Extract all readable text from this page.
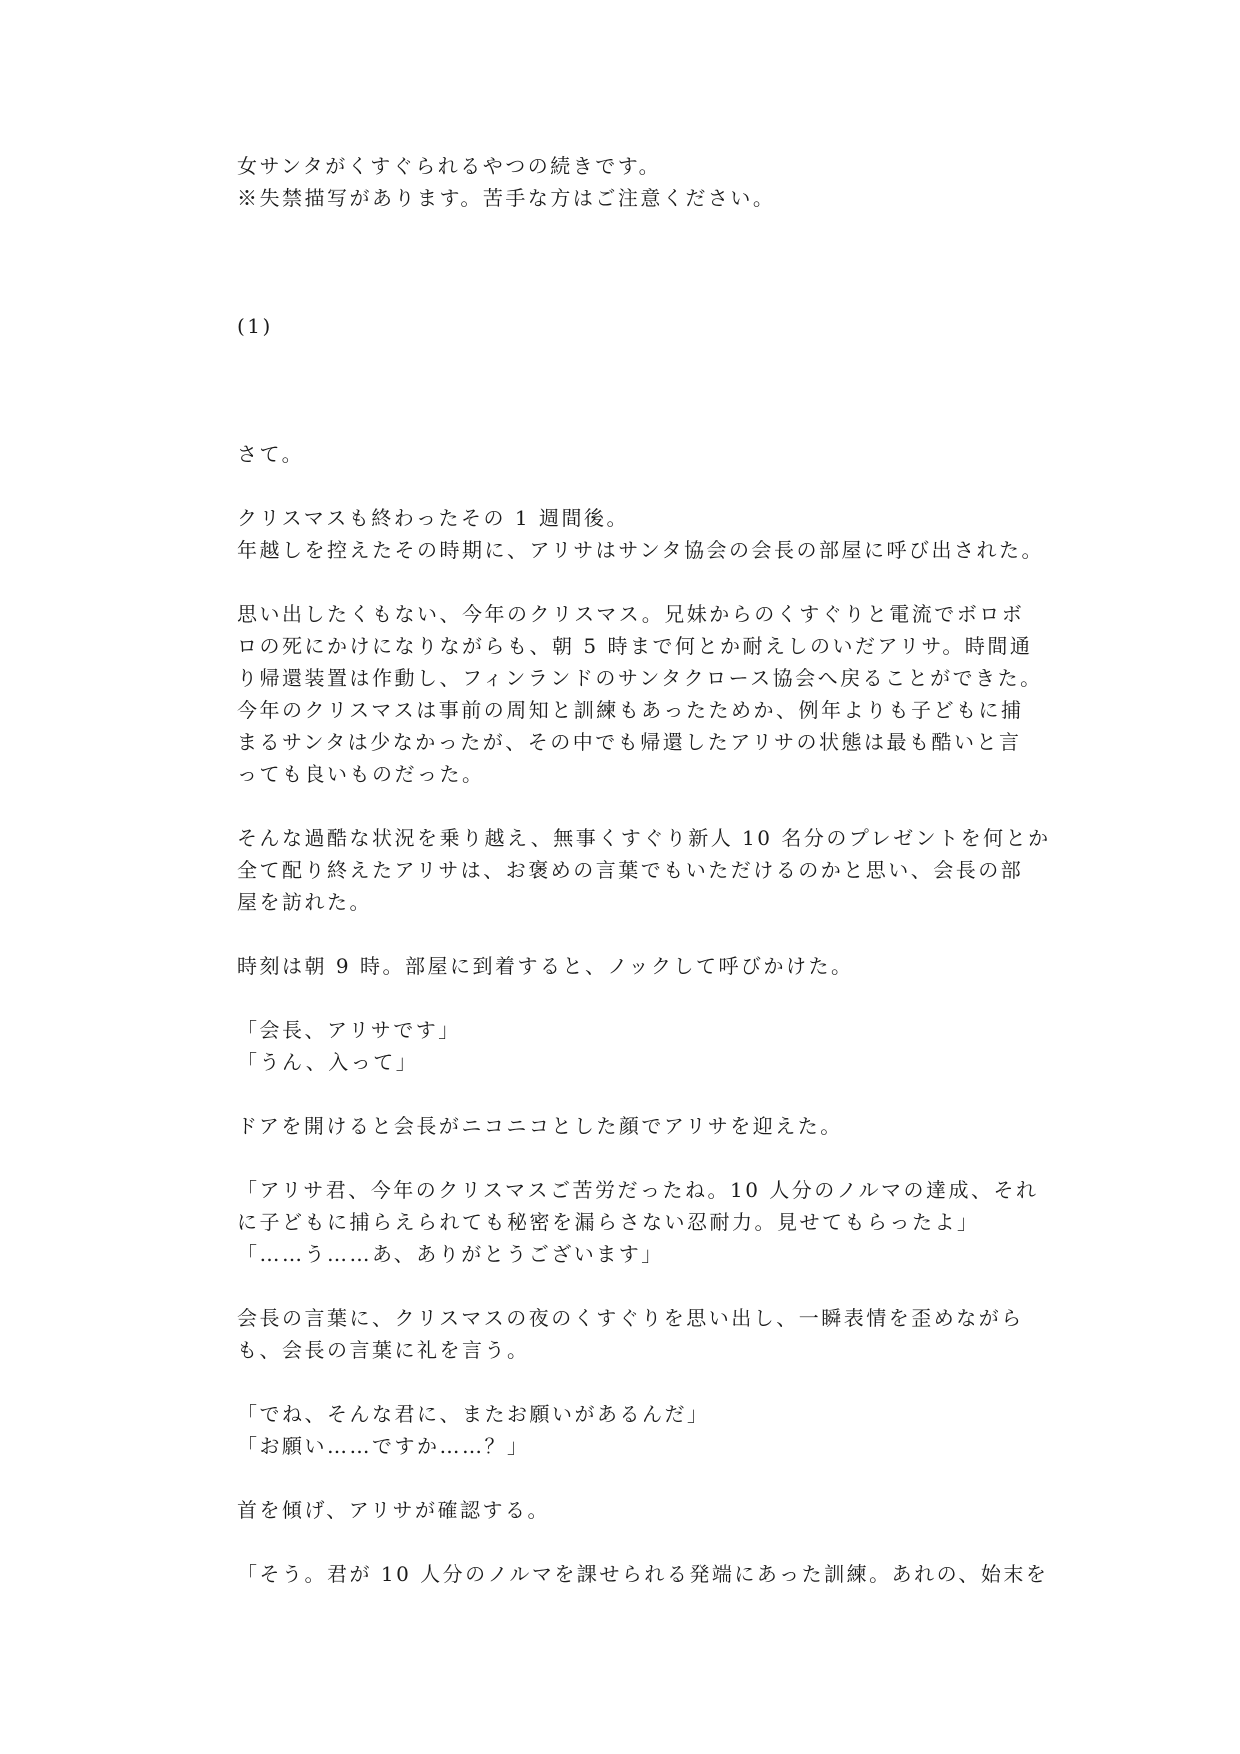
女サンタがくすぐられるやつの続きです。
※失禁描写があります。苦手な方はご注意ください。
(1)
さて。
クリスマスも終わったその 1 週間後。
年越しを控えたその時期に、アリサはサンタ協会の会長の部屋に呼び出された。
思い出したくもない、今年のクリスマス。兄妹からのくすぐりと電流でボロボ
ロの死にかけになりながらも、朝 5 時まで何とか耐えしのいだアリサ。時間通
り帰還装置は作動し、フィンランドのサンタクロース協会へ戻ることができた。
今年のクリスマスは事前の周知と訓練もあったためか、例年よりも子どもに捕
まるサンタは少なかったが、その中でも帰還したアリサの状態は最も酷いと言
っても良いものだった。
そんな過酷な状況を乗り越え、無事くすぐり新人 10 名分のプレゼントを何とか
全て配り終えたアリサは、お褒めの言葉でもいただけるのかと思い、会長の部
屋を訪れた。
時刻は朝 9 時。部屋に到着すると、ノックして呼びかけた。
「会長、アリサです」
「うん、入って」
ドアを開けると会長がニコニコとした顔でアリサを迎えた。
「アリサ君、今年のクリスマスご苦労だったね。10 人分のノルマの達成、それ
に子どもに捕らえられても秘密を漏らさない忍耐力。見せてもらったよ」
「……う……あ、ありがとうございます」
会長の言葉に、クリスマスの夜のくすぐりを思い出し、一瞬表情を歪めながら
も、会長の言葉に礼を言う。
「でね、そんな君に、またお願いがあるんだ」
「お願い……ですか……？」
首を傾げ、アリサが確認する。
「そう。君が 10 人分のノルマを課せられる発端にあった訓練。あれの、始末を
